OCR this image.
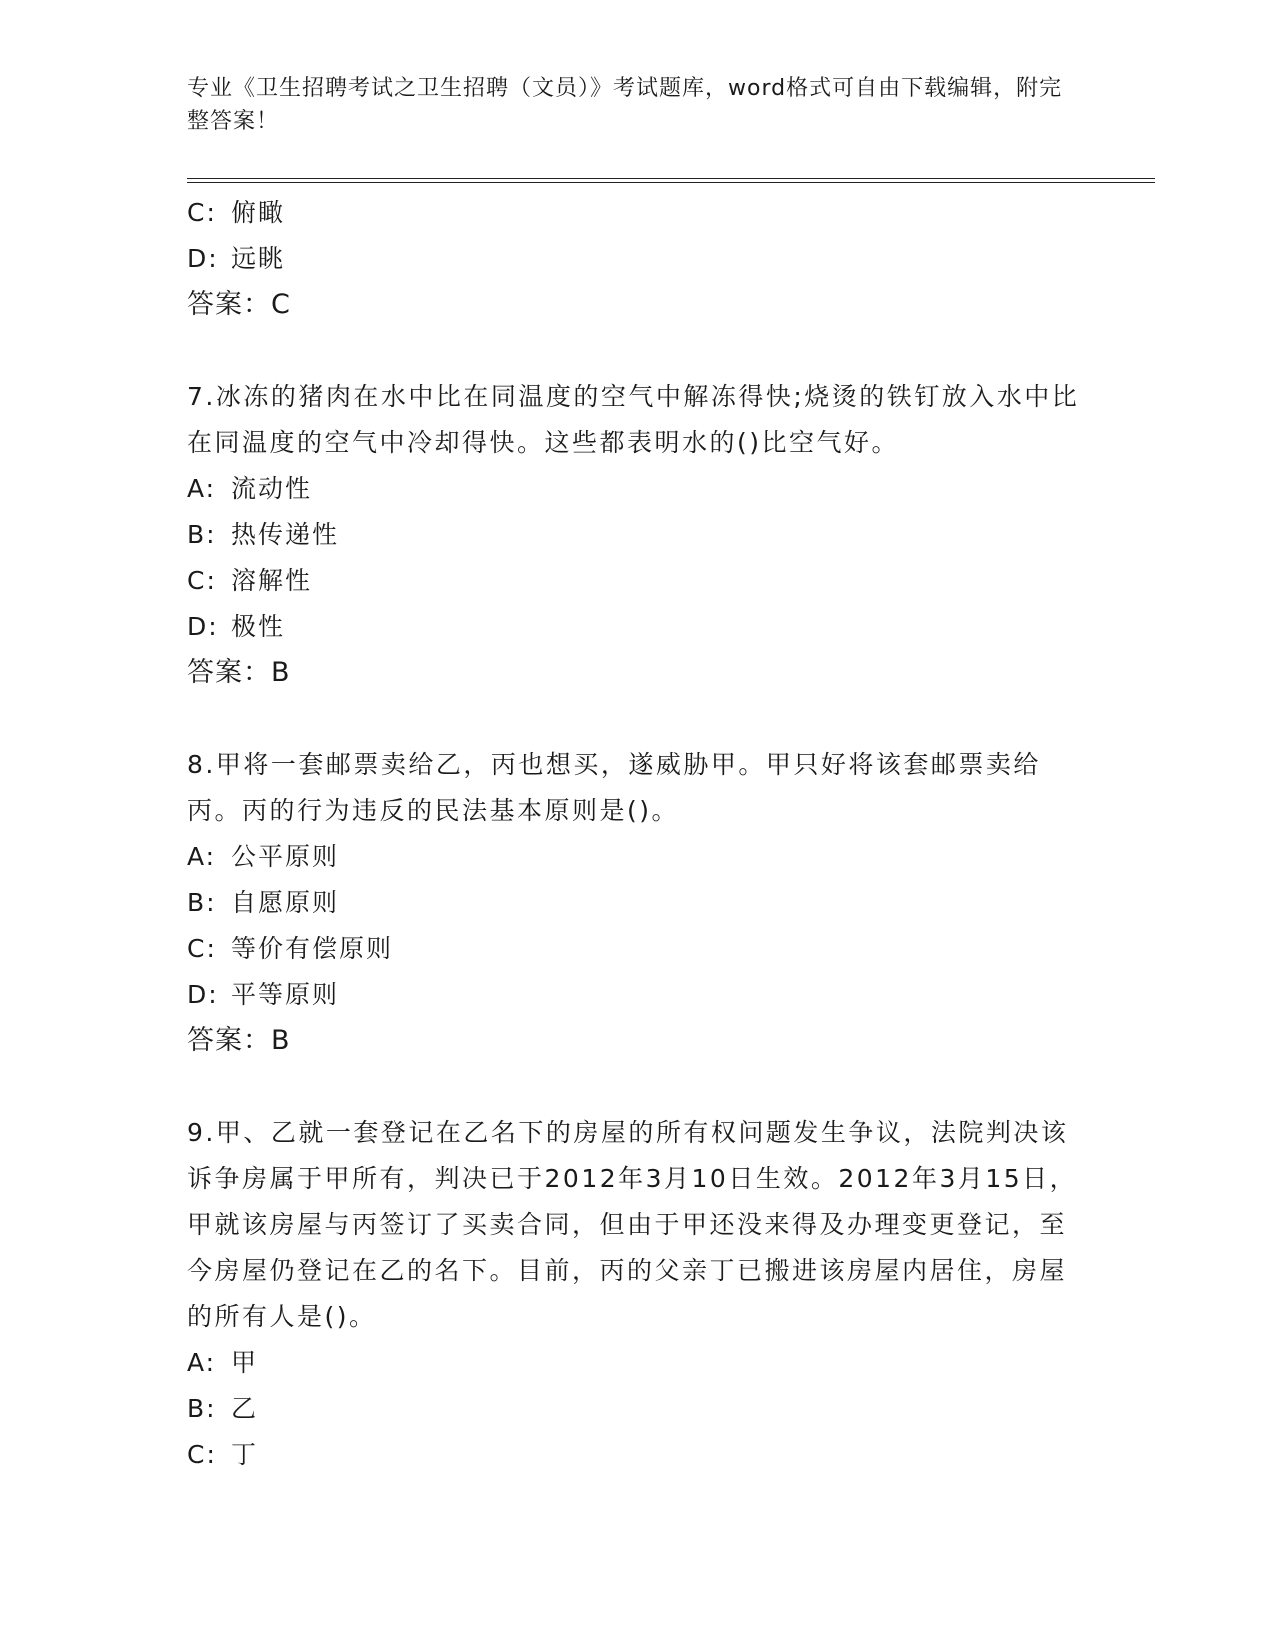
专业《卫生招聘考试之卫生招聘（文员）》考试题库，word格式可自由下载编辑，附完整答案！
C: 俯瞰
D: 远眺
答案：C
7.冰冻的猪肉在水中比在同温度的空气中解冻得快;烧烫的铁钉放入水中比在同温度的空气中冷却得快。这些都表明水的()比空气好。
A: 流动性
B: 热传递性
C: 溶解性
D: 极性
答案：B
8.甲将一套邮票卖给乙，丙也想买，遂威胁甲。甲只好将该套邮票卖给丙。丙的行为违反的民法基本原则是()。
A: 公平原则
B: 自愿原则
C: 等价有偿原则
D: 平等原则
答案：B
9.甲、乙就一套登记在乙名下的房屋的所有权问题发生争议，法院判决该诉争房属于甲所有，判决已于2012年3月10日生效。2012年3月15日，甲就该房屋与丙签订了买卖合同，但由于甲还没来得及办理变更登记，至今房屋仍登记在乙的名下。目前，丙的父亲丁已搬进该房屋内居住，房屋的所有人是()。
A: 甲
B: 乙
C: 丁
